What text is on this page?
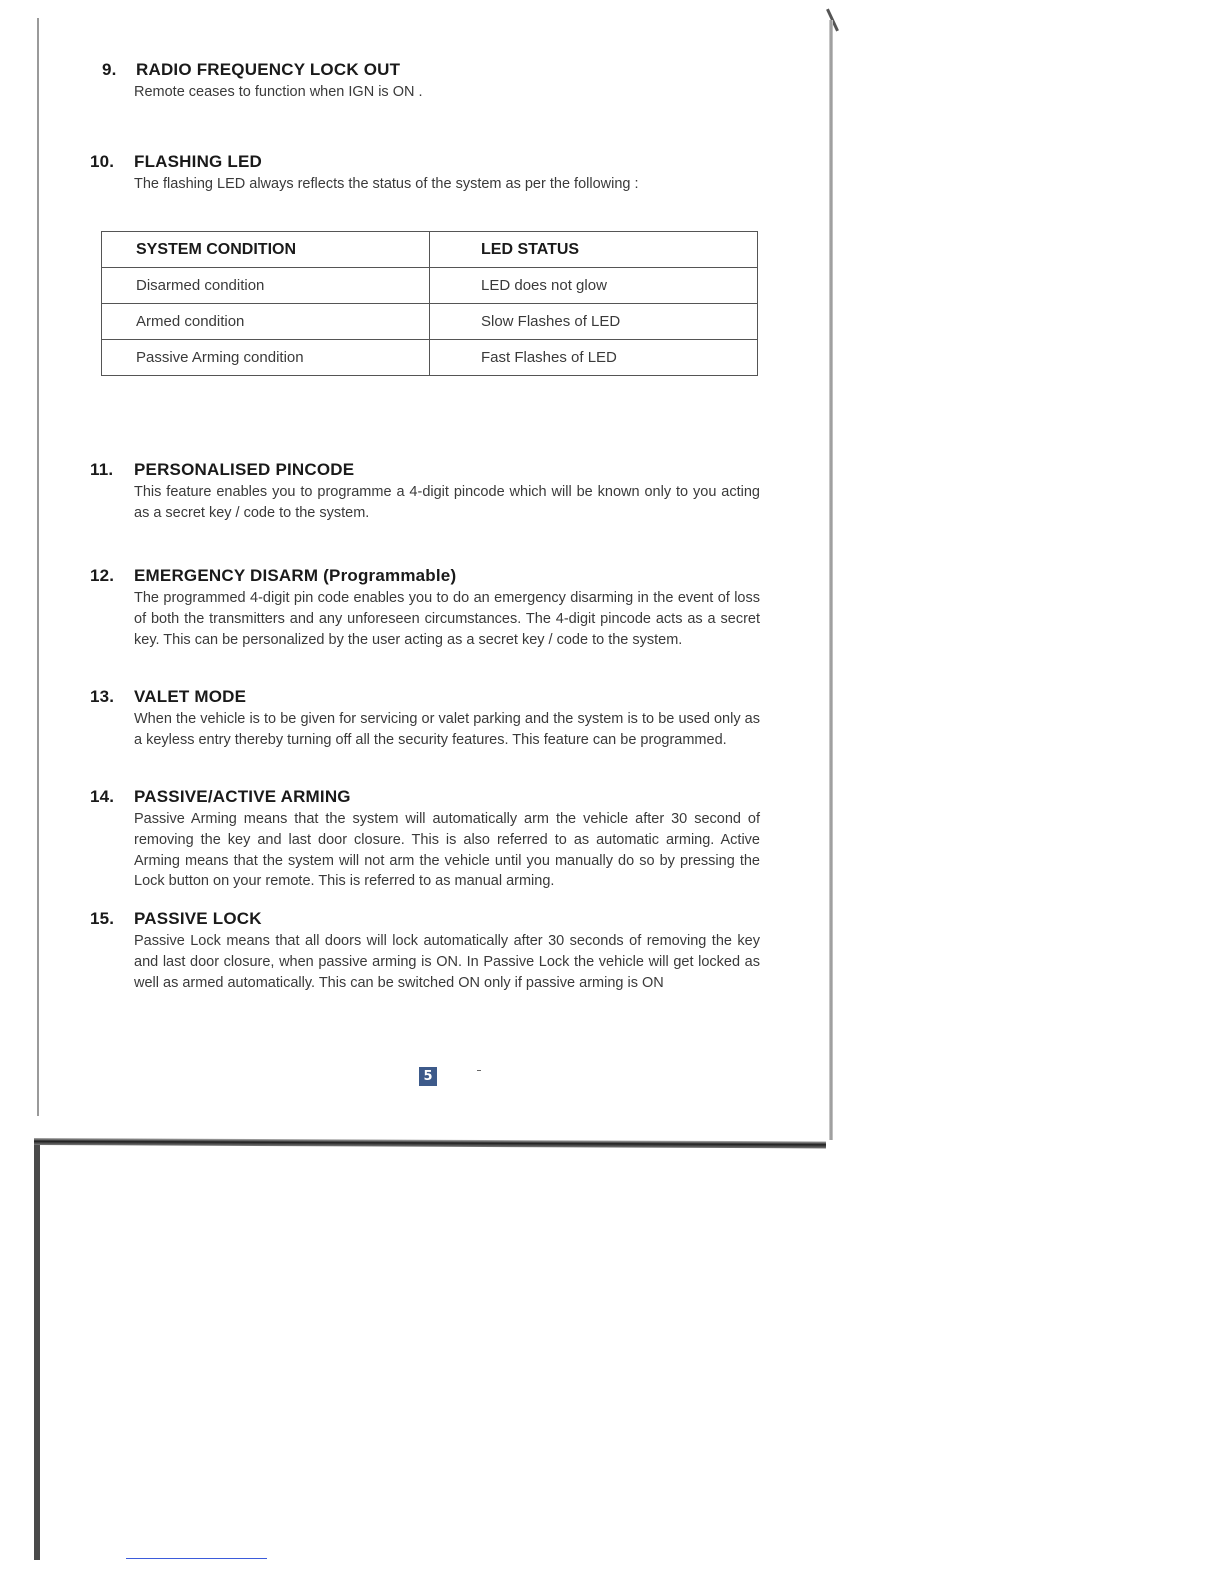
9.	RADIO FREQUENCY LOCK OUT
Remote ceases to function when IGN is ON .
10.	FLASHING LED
The flashing LED always reflects the status of the system as per the following :
SYSTEM CONDITION	LED STATUS
Disarmed condition	LED does not glow
Armed condition	Slow Flashes of LED
Passive Arming condition	Fast Flashes of LED
11.	PERSONALISED PINCODE
This feature enables you to programme a 4-digit pincode which will be known only to you acting as a secret key / code to the system.
12.	EMERGENCY DISARM (Programmable)
The programmed 4-digit pin code enables you to do an emergency disarming in the event of loss of both the transmitters and any unforeseen circumstances. The 4-digit pincode acts as a secret key. This can be personalized by the user acting as a secret key / code to the system.
13.	VALET MODE
When the vehicle is to be given for servicing or valet parking and the system is to be used only as a keyless entry thereby turning off all the security features. This feature can be programmed.
14.	PASSIVE/ACTIVE ARMING
Passive Arming means that the system will automatically arm the vehicle after 30 second of removing the key and last door closure. This is also referred to as automatic arming. Active Arming means that the system will not arm the vehicle until you manually do so by pressing the Lock button on your remote. This is referred to as manual arming.
15.	PASSIVE LOCK
Passive Lock means that all doors will lock automatically after 30 seconds of removing the key and last door closure, when passive arming is ON. In Passive Lock the vehicle will get locked as well as armed automatically. This can be switched ON only if passive arming is ON
5
